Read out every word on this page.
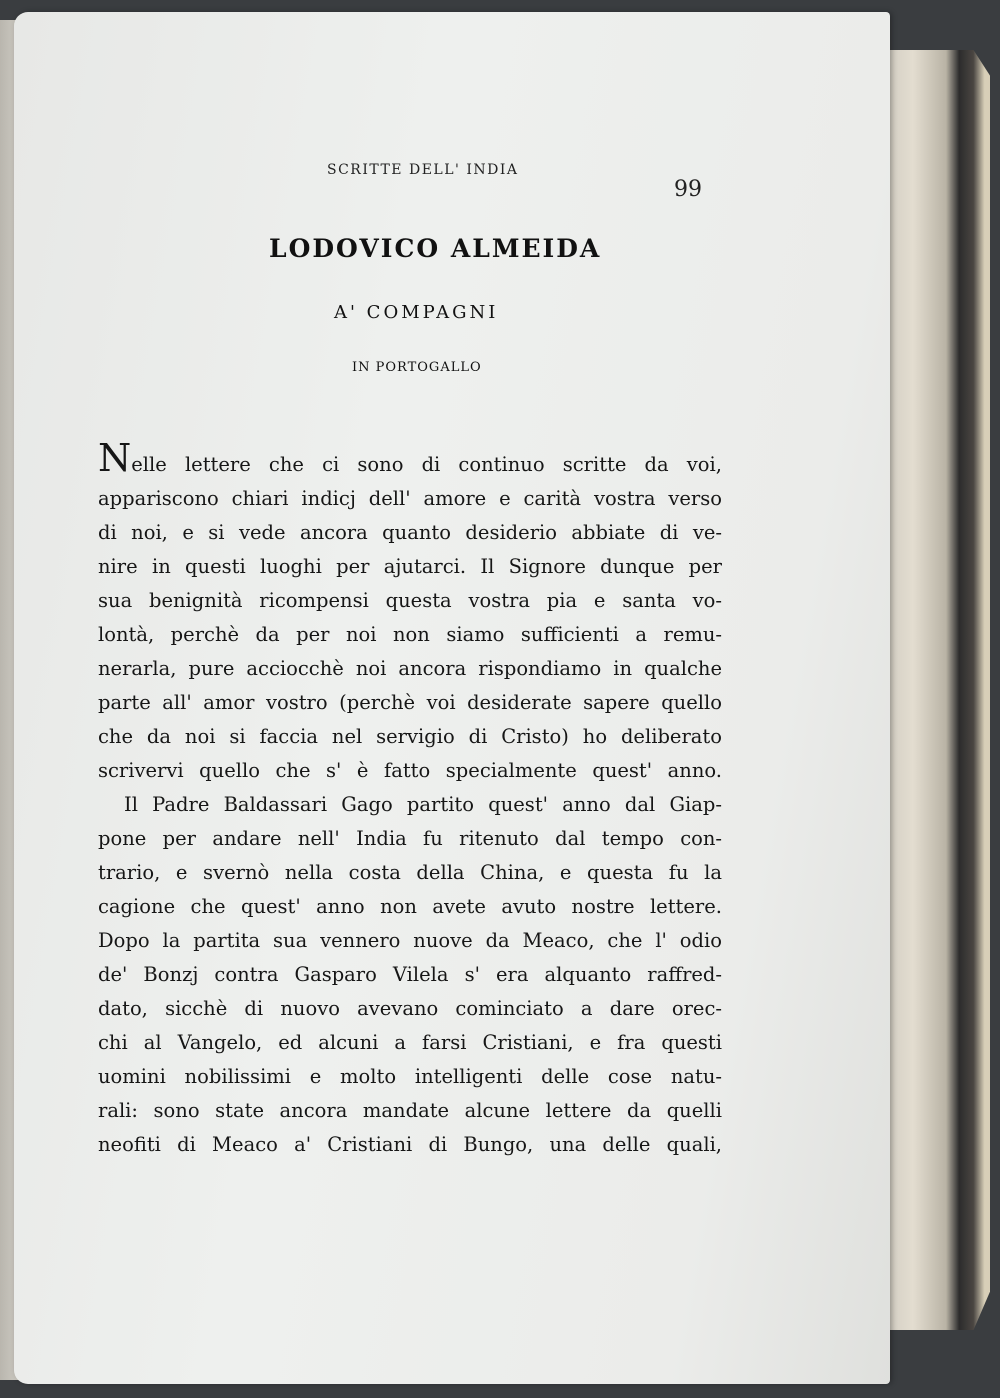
SCRITTE DELL' INDIA
99
LODOVICO ALMEIDA
A' COMPAGNI
IN PORTOGALLO
Nelle lettere che ci sono di continuo scritte da voi,
appariscono chiari indicj dell' amore e carità vostra verso
di noi, e si vede ancora quanto desiderio abbiate di ve-
nire in questi luoghi per ajutarci. Il Signore dunque per
sua benignità ricompensi questa vostra pia e santa vo-
lontà, perchè da per noi non siamo sufficienti a remu-
nerarla, pure acciocchè noi ancora rispondiamo in qualche
parte all' amor vostro (perchè voi desiderate sapere quello
che da noi si faccia nel servigio di Cristo) ho deliberato
scrivervi quello che s' è fatto specialmente quest' anno.
Il Padre Baldassari Gago partito quest' anno dal Giap-
pone per andare nell' India fu ritenuto dal tempo con-
trario, e svernò nella costa della China, e questa fu la
cagione che quest' anno non avete avuto nostre lettere.
Dopo la partita sua vennero nuove da Meaco, che l' odio
de' Bonzj contra Gasparo Vilela s' era alquanto raffred-
dato, sicchè di nuovo avevano cominciato a dare orec-
chi al Vangelo, ed alcuni a farsi Cristiani, e fra questi
uomini nobilissimi e molto intelligenti delle cose natu-
rali: sono state ancora mandate alcune lettere da quelli
neofiti di Meaco a' Cristiani di Bungo, una delle quali,
